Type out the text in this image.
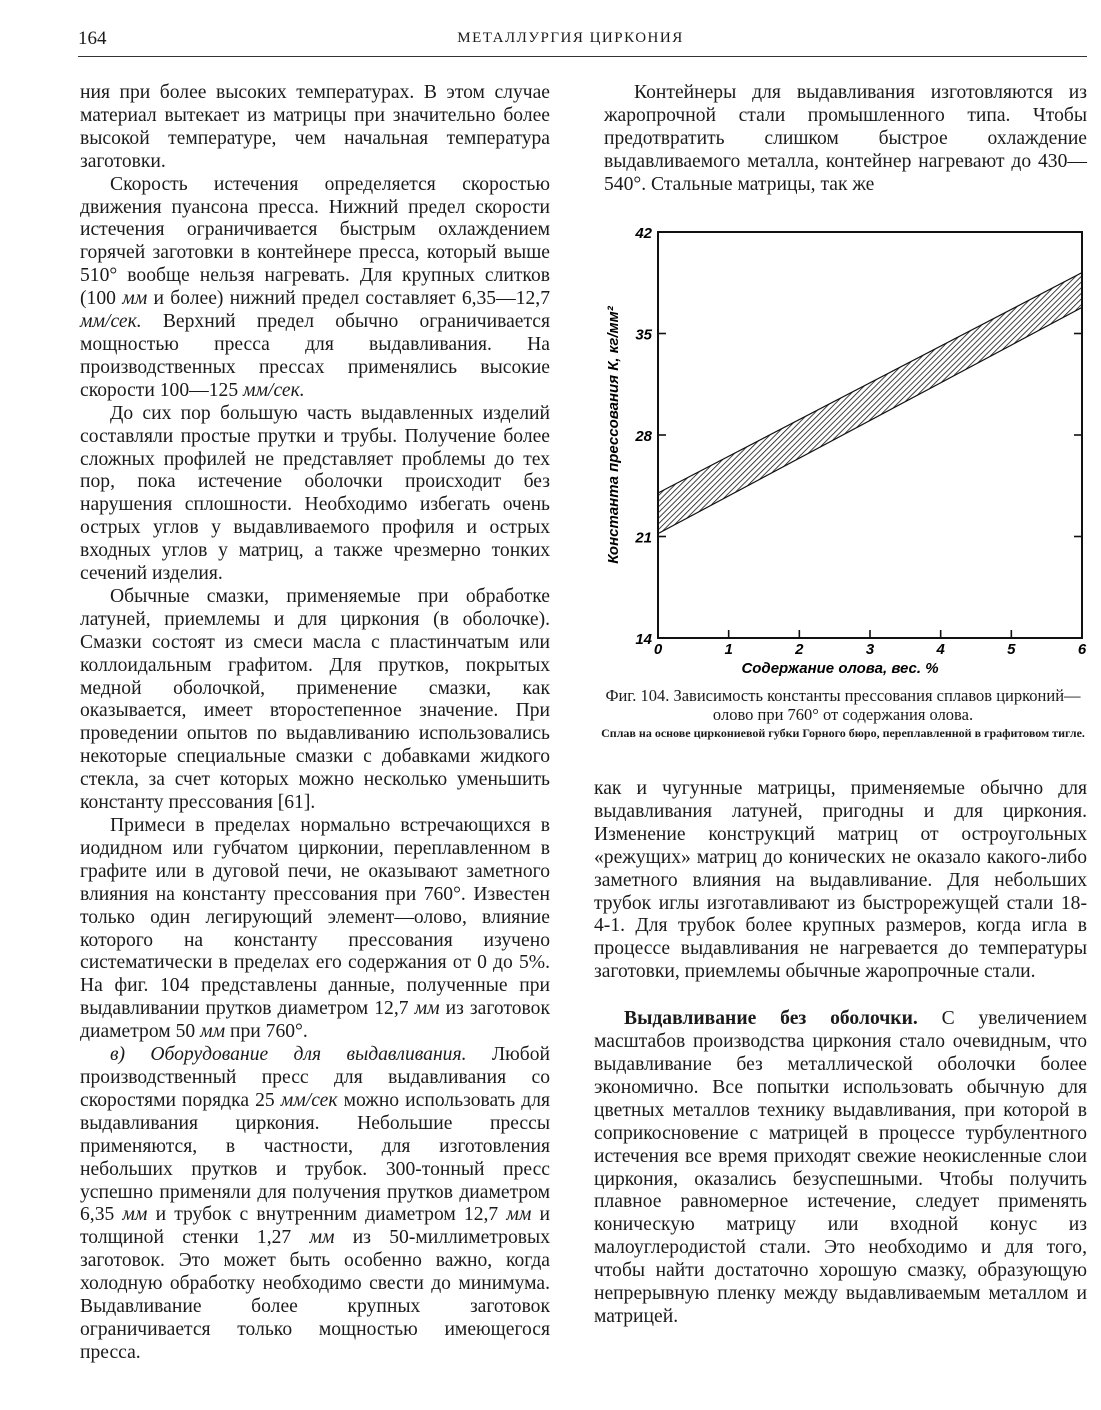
164	МЕТАЛЛУРГИЯ ЦИРКОНИЯ

ния при более высоких температурах. В этом случае материал вытекает из матрицы при значительно более высокой температуре, чем начальная температура заготовки.

Скорость истечения определяется скоростью движения пуансона пресса. Нижний предел скорости истечения ограничивается быстрым охлаждением горячей заготовки в контейнере пресса, который выше 510° вообще нельзя нагревать. Для крупных слитков (100 мм и более) нижний предел составляет 6,35—12,7 мм/сек. Верхний предел обычно ограничивается мощностью пресса для выдавливания. На производственных прессах применялись высокие скорости 100—125 мм/сек.

До сих пор большую часть выдавленных изделий составляли простые прутки и трубы. Получение более сложных профилей не представляет проблемы до тех пор, пока истечение оболочки происходит без нарушения сплошности. Необходимо избегать очень острых углов у выдавливаемого профиля и острых входных углов у матриц, а также чрезмерно тонких сечений изделия.

Обычные смазки, применяемые при обработке латуней, приемлемы и для циркония (в оболочке). Смазки состоят из смеси масла с пластинчатым или коллоидальным графитом. Для прутков, покрытых медной оболочкой, применение смазки, как оказывается, имеет второстепенное значение. При проведении опытов по выдавливанию использовались некоторые специальные смазки с добавками жидкого стекла, за счет которых можно несколько уменьшить константу прессования [61].

Примеси в пределах нормально встречающихся в иодидном или губчатом цирконии, переплавленном в графите или в дуговой печи, не оказывают заметного влияния на константу прессования при 760°. Известен только один легирующий элемент—олово, влияние которого на константу прессования изучено систематически в пределах его содержания от 0 до 5%. На фиг. 104 представлены данные, полученные при выдавливании прутков диаметром 12,7 мм из заготовок диаметром 50 мм при 760°.

в) Оборудование для выдавливания. Любой производственный пресс для выдавливания со скоростями порядка 25 мм/сек можно использовать для выдавливания циркония. Небольшие прессы применяются, в частности, для изготовления небольших прутков и трубок. 300-тонный пресс успешно применяли для получения прутков диаметром 6,35 мм и трубок с внутренним диаметром 12,7 мм и толщиной стенки 1,27 мм из 50-миллиметровых заготовок. Это может быть особенно важно, когда холодную обработку необходимо свести до минимума. Выдавливание более крупных заготовок ограничивается только мощностью имеющегося пресса.

Контейнеры для выдавливания изготовляются из жаропрочной стали промышленного типа. Чтобы предотвратить слишком быстрое охлаждение выдавливаемого металла, контейнер нагревают до 430—540°. Стальные матрицы, так же

14
21
28
35
42
0	1	2	3	4	5	6
Содержание олова, вес. %
Константа прессования К, кг/мм²
Фиг. 104. Зависимость константы прессования сплавов цирконий—олово при 760° от содержания олова.
Сплав на основе циркониевой губки Горного бюро, переплавленной в графитовом тигле.

как и чугунные матрицы, применяемые обычно для выдавливания латуней, пригодны и для циркония. Изменение конструкций матриц от остроугольных «режущих» матриц до конических не оказало какого-либо заметного влияния на выдавливание. Для небольших трубок иглы изготавливают из быстрорежущей стали 18-4-1. Для трубок более крупных размеров, когда игла в процессе выдавливания не нагревается до температуры заготовки, приемлемы обычные жаропрочные стали.

Выдавливание без оболочки. С увеличением масштабов производства циркония стало очевидным, что выдавливание без металлической оболочки более экономично. Все попытки использовать обычную для цветных металлов технику выдавливания, при которой в соприкосновение с матрицей в процессе турбулентного истечения все время приходят свежие неокисленные слои циркония, оказались безуспешными. Чтобы получить плавное равномерное истечение, следует применять коническую матрицу или входной конус из малоуглеродистой стали. Это необходимо и для того, чтобы найти достаточно хорошую смазку, образующую непрерывную пленку между выдавливаемым металлом и матрицей.
